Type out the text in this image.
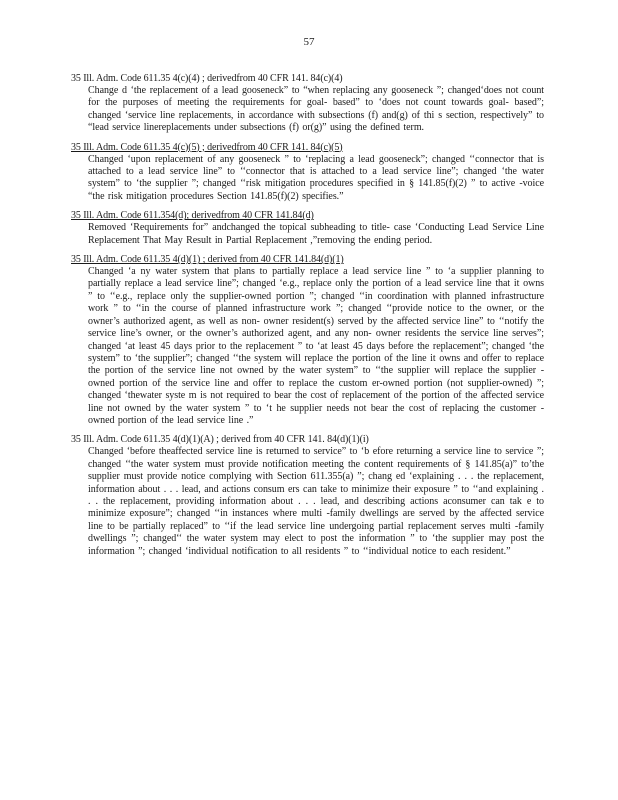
57
35 Ill. Adm. Code 611.35 4(c)(4) ; derivedfrom 40 CFR 141. 84(c)(4)
Change d ‘the replacement of a lead gooseneck” to “when replacing any gooseneck ”; changed‘does not count for the purposes of meeting the requirements for goal- based” to ‘does not count towards goal- based”; changed ‘service line replacements, in accordance with subsections (f) and(g) of thi s section, respectively” to “lead service linereplacements under subsections (f) or(g)” using the defined term.
35 Ill. Adm. Code 611.35 4(c)(5) ; derivedfrom 40 CFR 141. 84(c)(5)
Changed ‘upon replacement of any gooseneck ” to ‘replacing a lead gooseneck”; changed ‘‘connector that is attached to a lead service line” to ‘‘connector that is attached to a lead service line”; changed ‘the water system” to ‘the supplier ”; changed ‘‘risk mitigation procedures specified in § 141.85(f)(2) ” to active -voice “the risk mitigation procedures Section 141.85(f)(2) specifies.”
35 Ill. Adm. Code 611.354(d); derivedfrom 40 CFR 141.84(d)
Removed ‘Requirements for” andchanged the topical subheading to title- case ‘Conducting Lead Service Line Replacement That May Result in Partial Replacement ,”removing the ending period.
35 Ill. Adm. Code 611.35 4(d)(1) ; derived from 40 CFR 141.84(d)(1)
Changed ‘a ny water system that plans to partially replace a lead service line ” to ‘a supplier planning to partially replace a lead service line”; changed ‘e.g., replace only the portion of a lead service line that it owns ” to ‘‘e.g., replace only the supplier-owned portion ”; changed ‘‘in coordination with planned infrastructure work ” to ‘‘in the course of planned infrastructure work ”; changed ‘‘provide notice to the owner, or the owner’s authorized agent, as well as non- owner resident(s) served by the affected service line” to ‘‘notify the service line’s owner, or the owner’s authorized agent, and any non- owner residents the service line serves”; changed ‘at least 45 days prior to the replacement ” to ‘at least 45 days before the replacement”; changed ‘the system” to ‘the supplier”; changed ‘‘the system will replace the portion of the line it owns and offer to replace the portion of the service line not owned by the water system” to ‘‘the supplier will replace the supplier -owned portion of the service line and offer to replace the custom er-owned portion (not supplier-owned) ”; changed ‘thewater syste m is not required to bear the cost of replacement of the portion of the affected service line not owned by the water system ” to ‘t he supplier needs not bear the cost of replacing the customer -owned portion of the lead service line .”
35 Ill. Adm. Code 611.35 4(d)(1)(A) ; derived from 40 CFR 141. 84(d)(1)(i)
Changed ‘before theaffected service line is returned to service” to ‘b efore returning a service line to service ”; changed ‘‘the water system must provide notification meeting the content requirements of § 141.85(a)” to’the supplier must provide notice complying with Section 611.355(a) ”; chang ed ‘explaining . . . the replacement, information about . . . lead, and actions consum ers can take to minimize their exposure ” to ‘‘and explaining . . . the replacement, providing information about . . . lead, and describing actions aconsumer can tak e to minimize exposure”; changed ‘‘in instances where multi -family dwellings are served by the affected service line to be partially replaced” to ‘‘if the lead service line undergoing partial replacement serves multi -family dwellings ”; changed‘‘ the water system may elect to post the information ” to ‘the supplier may post the information ”; changed ‘individual notification to all residents ” to ‘‘individual notice to each resident.”
